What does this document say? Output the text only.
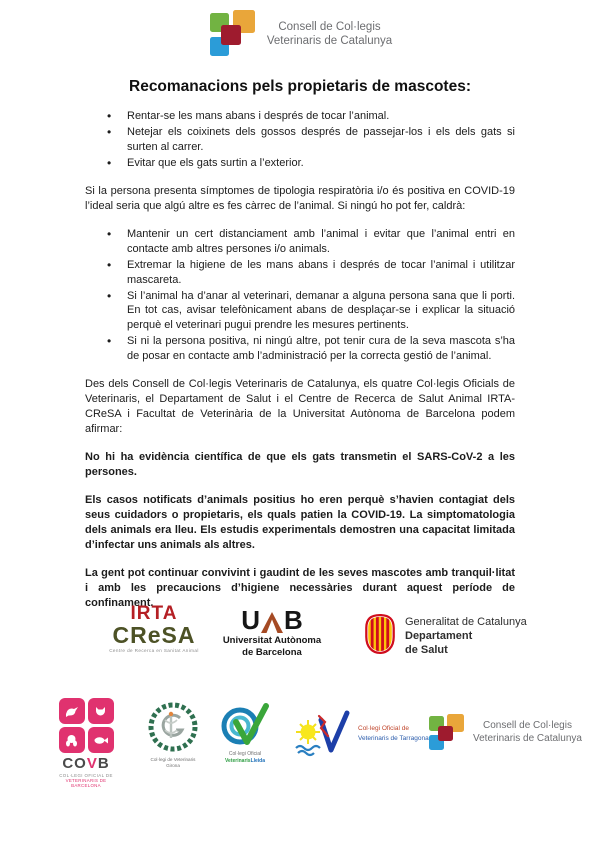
Consell de Col·legis
Veterinaris de Catalunya
Recomanacions pels propietaris de mascotes:
• Rentar-se les mans abans i després de tocar l’animal.
• Netejar els coixinets dels gossos després de passejar-los i els dels gats si surten al carrer.
• Evitar que els gats surtin a l’exterior.

Si la persona presenta símptomes de tipologia respiratòria i/o és positiva en COVID-19 l’ideal seria que algú altre es fes càrrec de l’animal. Si ningú ho pot fer, caldrà:

• Mantenir un cert distanciament amb l’animal i evitar que l’animal entri en contacte amb altres persones i/o animals.
• Extremar la higiene de les mans abans i després de tocar l’animal i utilitzar mascareta.
• Si l’animal ha d’anar al veterinari, demanar a alguna persona sana que li porti. En tot cas, avisar telefònicament abans de desplaçar-se i explicar la situació perquè el veterinari pugui prendre les mesures pertinents.
• Si ni la persona positiva, ni ningú altre, pot tenir cura de la seva mascota s’ha de posar en contacte amb l’administració per la correcta gestió de l’animal.

Des dels Consell de Col·legis Veterinaris de Catalunya, els quatre Col·legis Oficials de Veterinaris, el Departament de Salut i el Centre de Recerca de Salut Animal IRTA-CReSA i Facultat de Veterinària de la Universitat Autònoma de Barcelona podem afirmar:

No hi ha evidència científica de que els gats transmetin el SARS-CoV-2 a les persones.

Els casos notificats d’animals positius ho eren perquè s’havien contagiat dels seus cuidadors o propietaris, els quals patien la COVID-19. La simptomatologia dels animals era lleu. Els estudis experimentals demostren una capacitat limitada d’infectar uns animals als altres.

La gent pot continuar convivint i gaudint de les seves mascotes amb tranquil·litat i amb les precaucions d’higiene necessàries durant aquest període de confinament.

IRTA
CReSA
Centre de Recerca en Sanitat Animal
U B
Universitat Autònoma
de Barcelona
Generalitat de Catalunya
Departament
de Salut
COVB
COL·LEGI OFICIAL DE
VETERINARIS DE BARCELONA
Col·legi de Veterinaris
Girona
Col·legi Oficial
VeterinarisLleida
Col·legi Oficial de
Veterinaris de Tarragona
Consell de Col·legis
Veterinaris de Catalunya
